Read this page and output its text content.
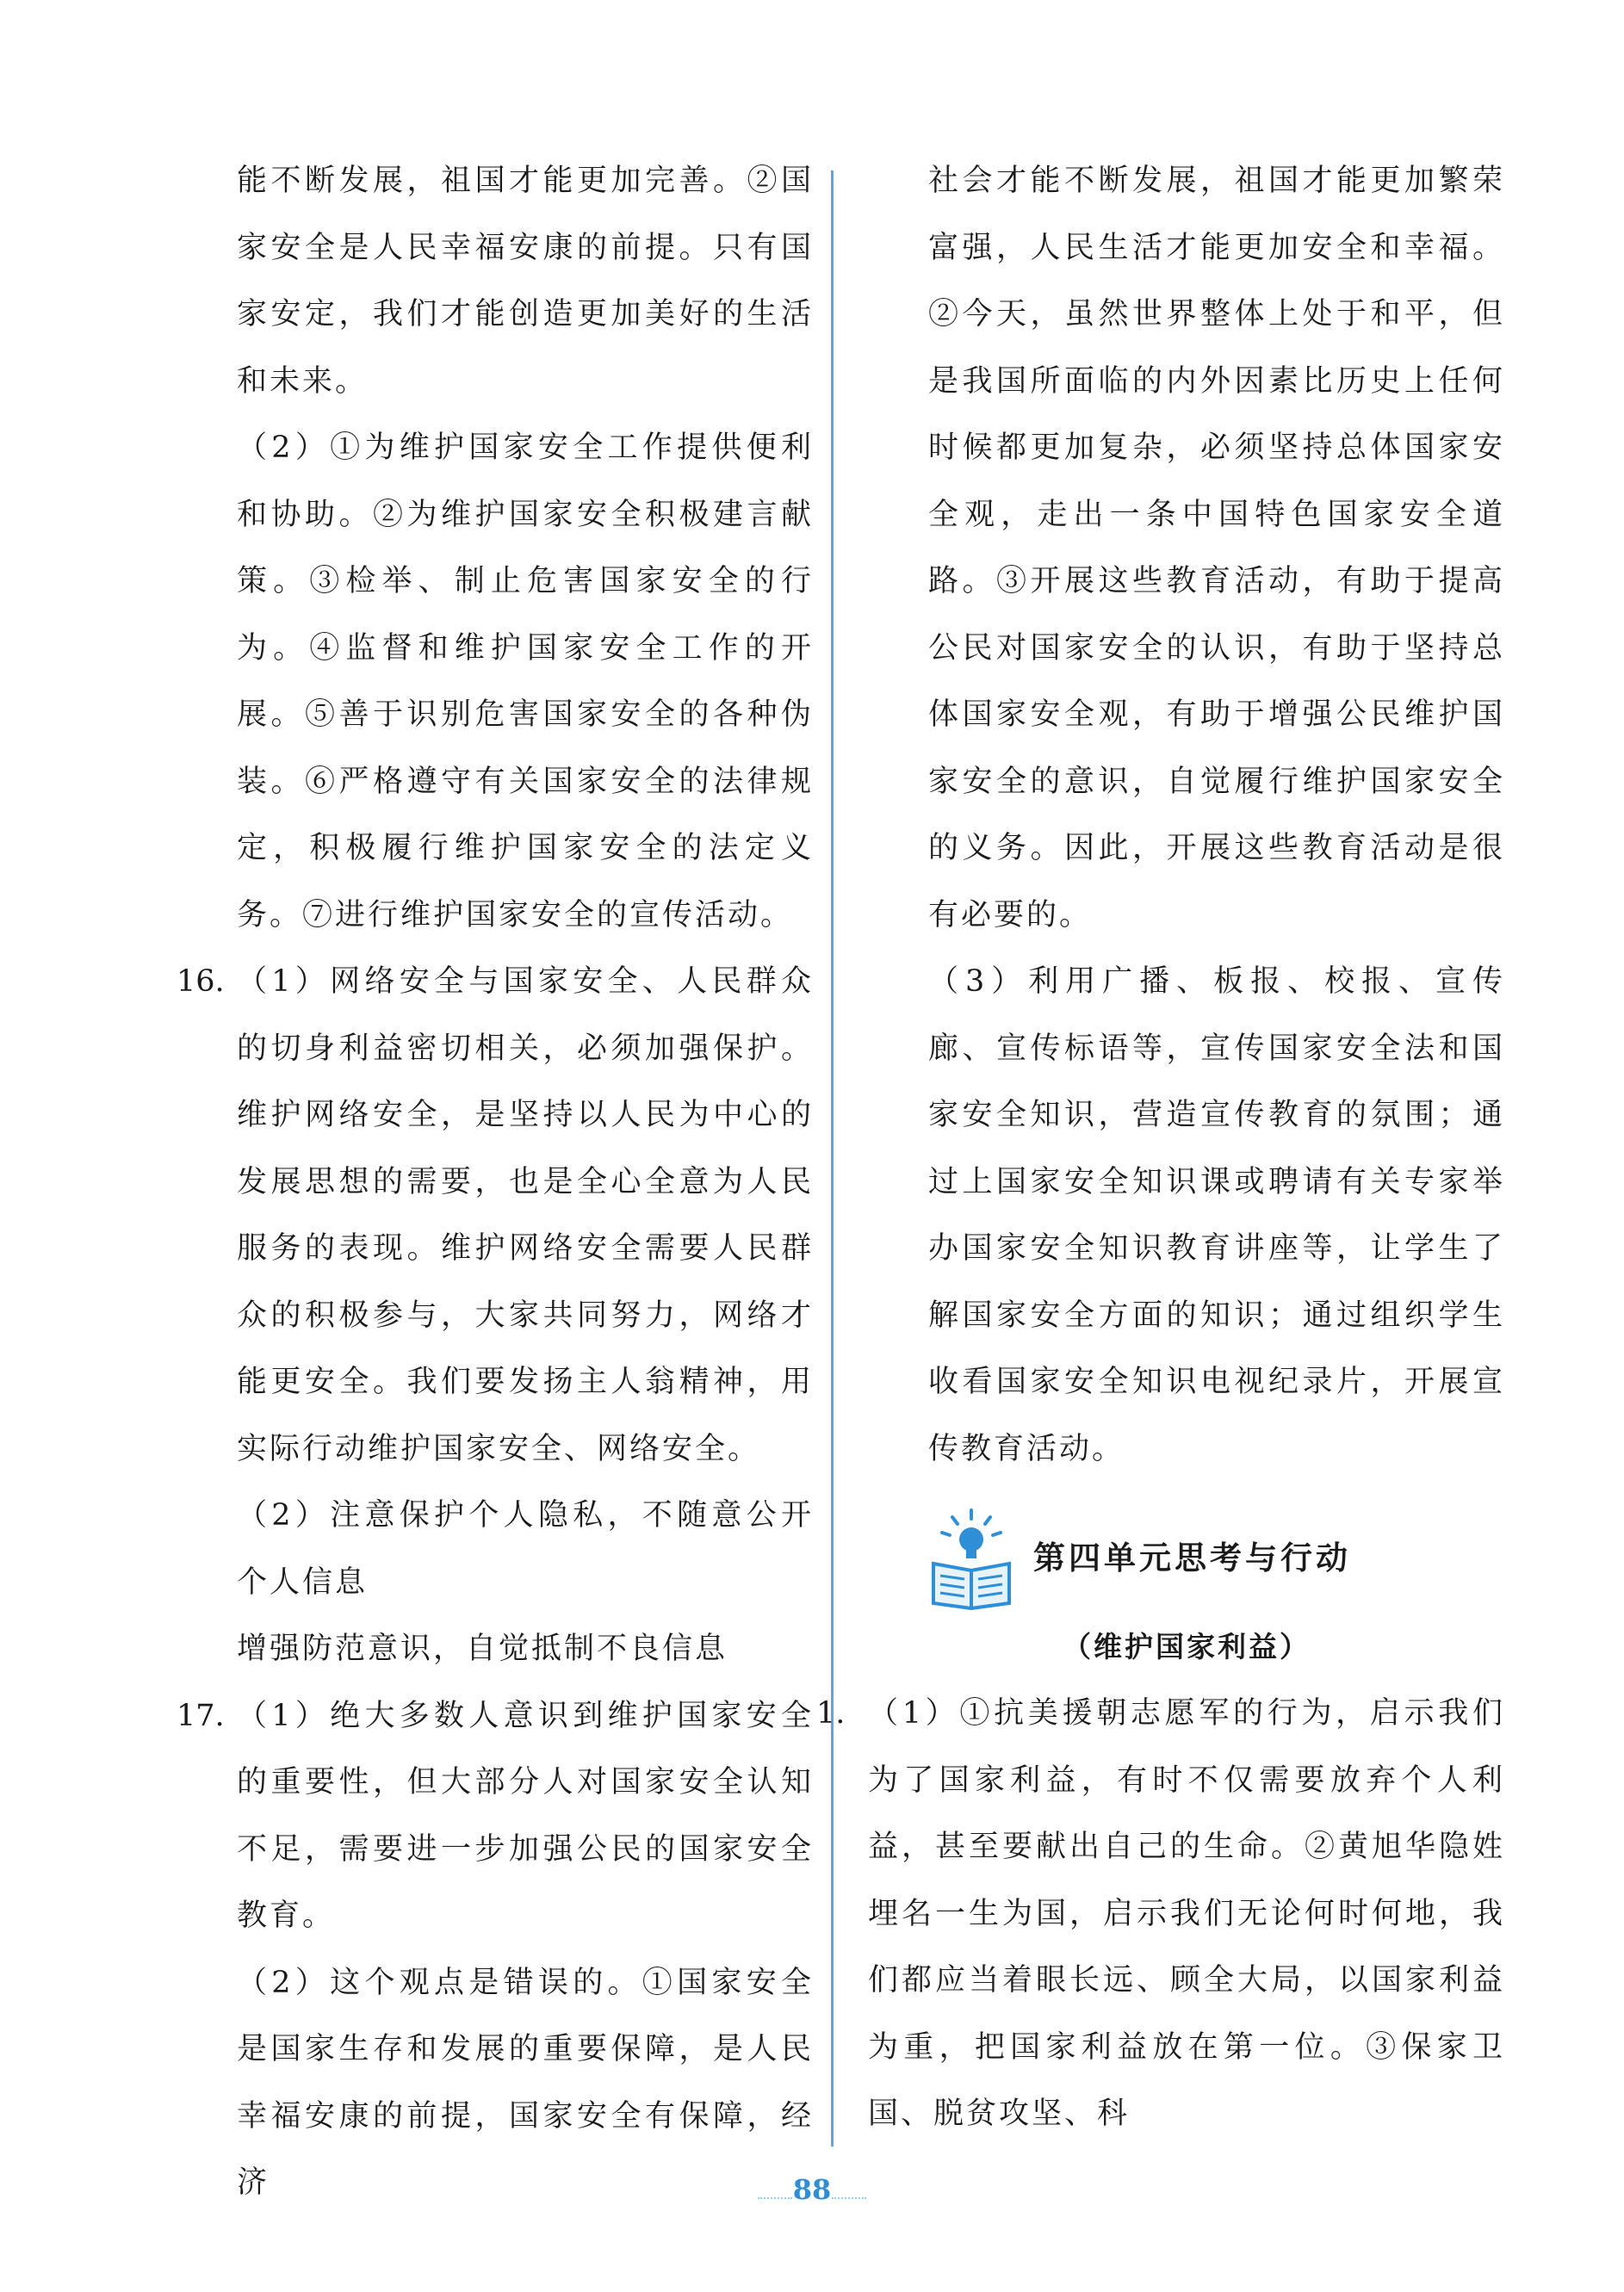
能不断发展，祖国才能更加完善。②国家安全是人民幸福安康的前提。只有国家安定，我们才能创造更加美好的生活和未来。

（2）①为维护国家安全工作提供便利和协助。②为维护国家安全积极建言献策。③检举、制止危害国家安全的行为。④监督和维护国家安全工作的开展。⑤善于识别危害国家安全的各种伪装。⑥严格遵守有关国家安全的法律规定，积极履行维护国家安全的法定义务。⑦进行维护国家安全的宣传活动。

16. （1）网络安全与国家安全、人民群众的切身利益密切相关，必须加强保护。维护网络安全，是坚持以人民为中心的发展思想的需要，也是全心全意为人民服务的表现。维护网络安全需要人民群众的积极参与，大家共同努力，网络才能更安全。我们要发扬主人翁精神，用实际行动维护国家安全、网络安全。

（2）注意保护个人隐私，不随意公开个人信息

增强防范意识，自觉抵制不良信息

17. （1）绝大多数人意识到维护国家安全的重要性，但大部分人对国家安全认知不足，需要进一步加强公民的国家安全教育。

（2）这个观点是错误的。①国家安全是国家生存和发展的重要保障，是人民幸福安康的前提，国家安全有保障，经济

社会才能不断发展，祖国才能更加繁荣富强，人民生活才能更加安全和幸福。②今天，虽然世界整体上处于和平，但是我国所面临的内外因素比历史上任何时候都更加复杂，必须坚持总体国家安全观，走出一条中国特色国家安全道路。③开展这些教育活动，有助于提高公民对国家安全的认识，有助于坚持总体国家安全观，有助于增强公民维护国家安全的意识，自觉履行维护国家安全的义务。因此，开展这些教育活动是很有必要的。

（3）利用广播、板报、校报、宣传廊、宣传标语等，宣传国家安全法和国家安全知识，营造宣传教育的氛围；通过上国家安全知识课或聘请有关专家举办国家安全知识教育讲座等，让学生了解国家安全方面的知识；通过组织学生收看国家安全知识电视纪录片，开展宣传教育活动。

第四单元思考与行动
（维护国家利益）
1. （1）①抗美援朝志愿军的行为，启示我们为了国家利益，有时不仅需要放弃个人利益，甚至要献出自己的生命。②黄旭华隐姓埋名一生为国，启示我们无论何时何地，我们都应当着眼长远、顾全大局，以国家利益为重，把国家利益放在第一位。③保家卫国、脱贫攻坚、科

88
